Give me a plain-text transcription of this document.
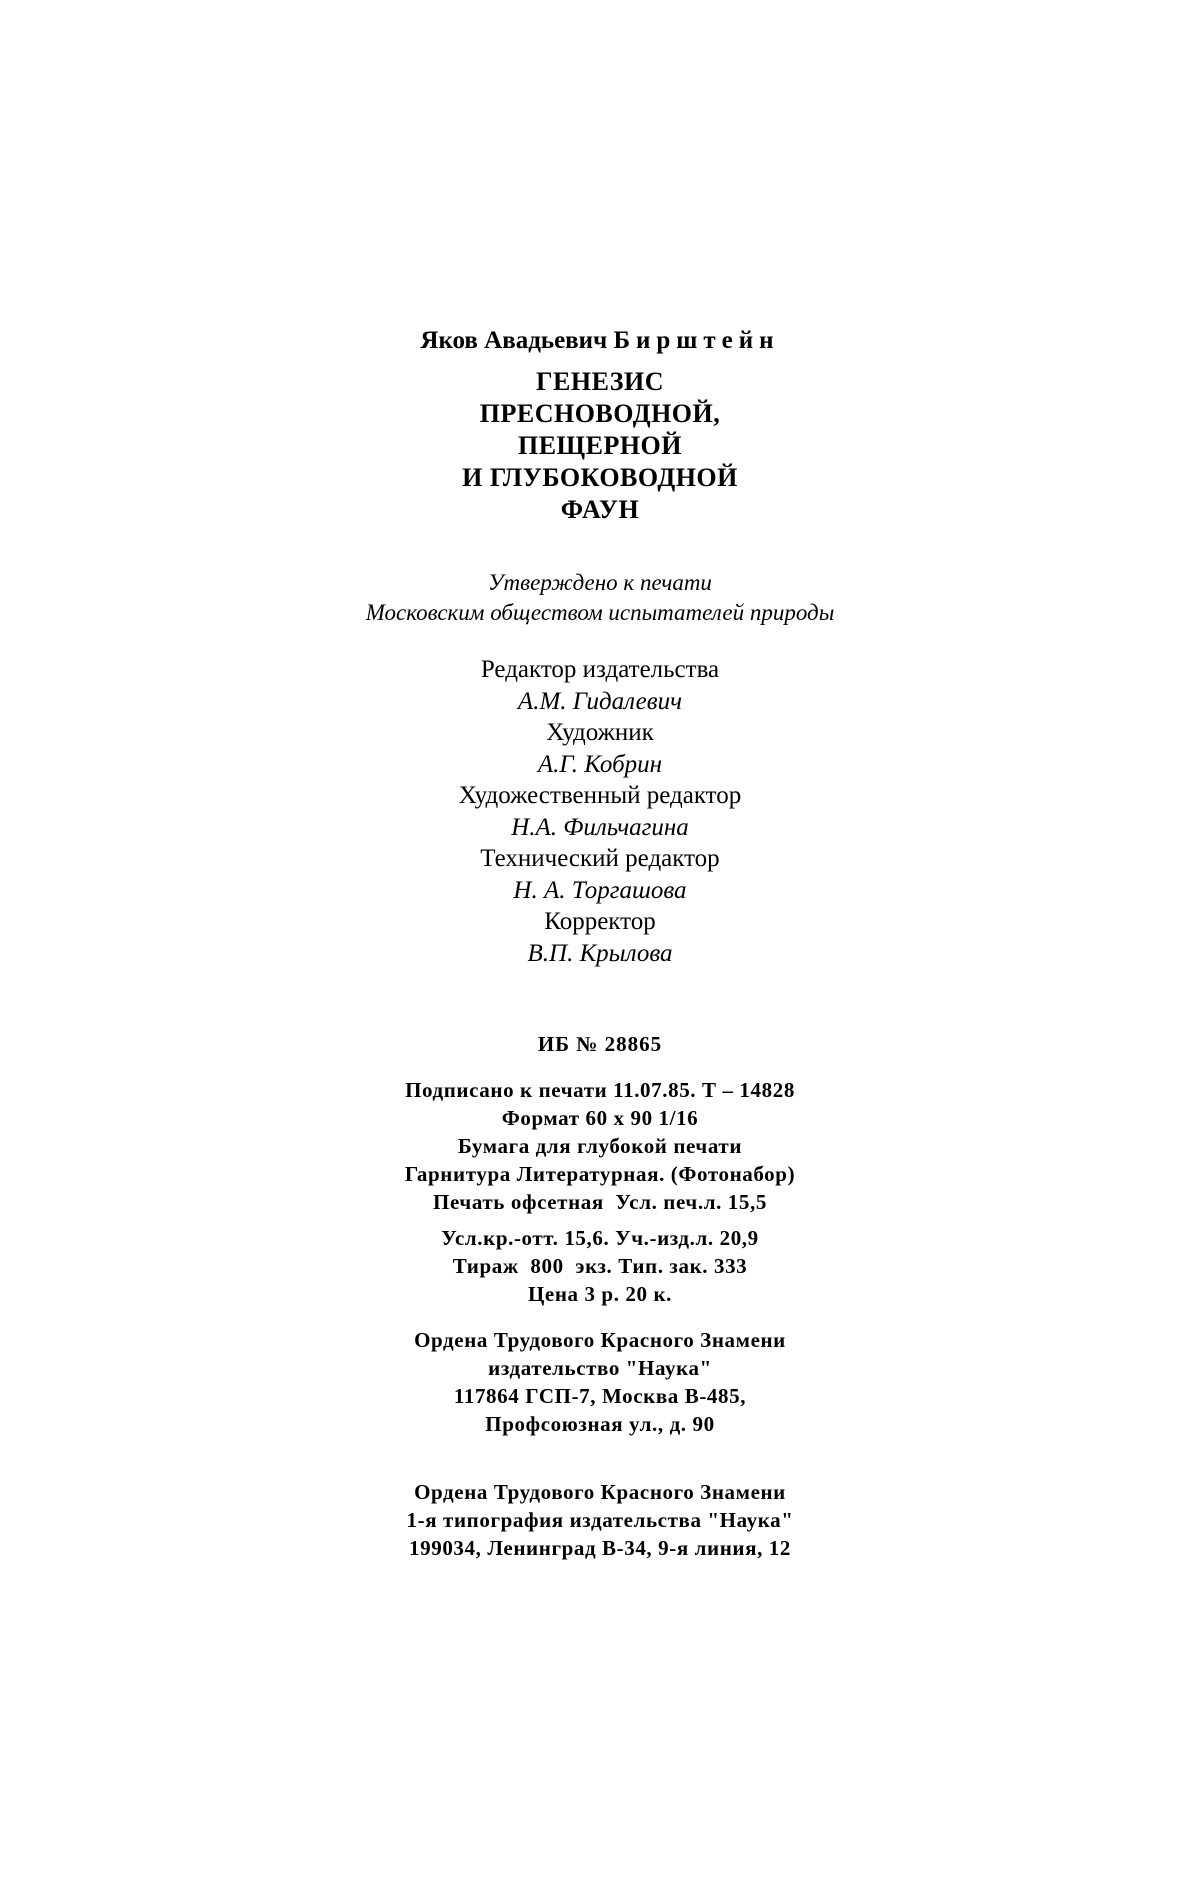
Яков Авадьевич Бирштейн
ГЕНЕЗИС
ПРЕСНОВОДНОЙ,
ПЕЩЕРНОЙ
И ГЛУБОКОВОДНОЙ
ФАУН
Утверждено к печати
Московским обществом испытателей природы
Редактор издательства
А.М. Гидалевич
Художник
А.Г. Кобрин
Художественный редактор
Н.А. Фильчагина
Технический редактор
Н. А. Торгашова
Корректор
В.П. Крылова
ИБ № 28865
Подписано к печати 11.07.85. Т – 14828
Формат 60 х 90 1/16
Бумага для глубокой печати
Гарнитура Литературная. (Фотонабор)
Печать офсетная  Усл. печ.л. 15,5
Усл.кр.-отт. 15,6. Уч.-изд.л. 20,9
Тираж  800  экз. Тип. зак. 333
Цена 3 р. 20 к.
Ордена Трудового Красного Знамени
издательство "Наука"
117864 ГСП-7, Москва В-485,
Профсоюзная ул., д. 90
Ордена Трудового Красного Знамени
1-я типография издательства "Наука"
199034, Ленинград В-34, 9-я линия, 12
